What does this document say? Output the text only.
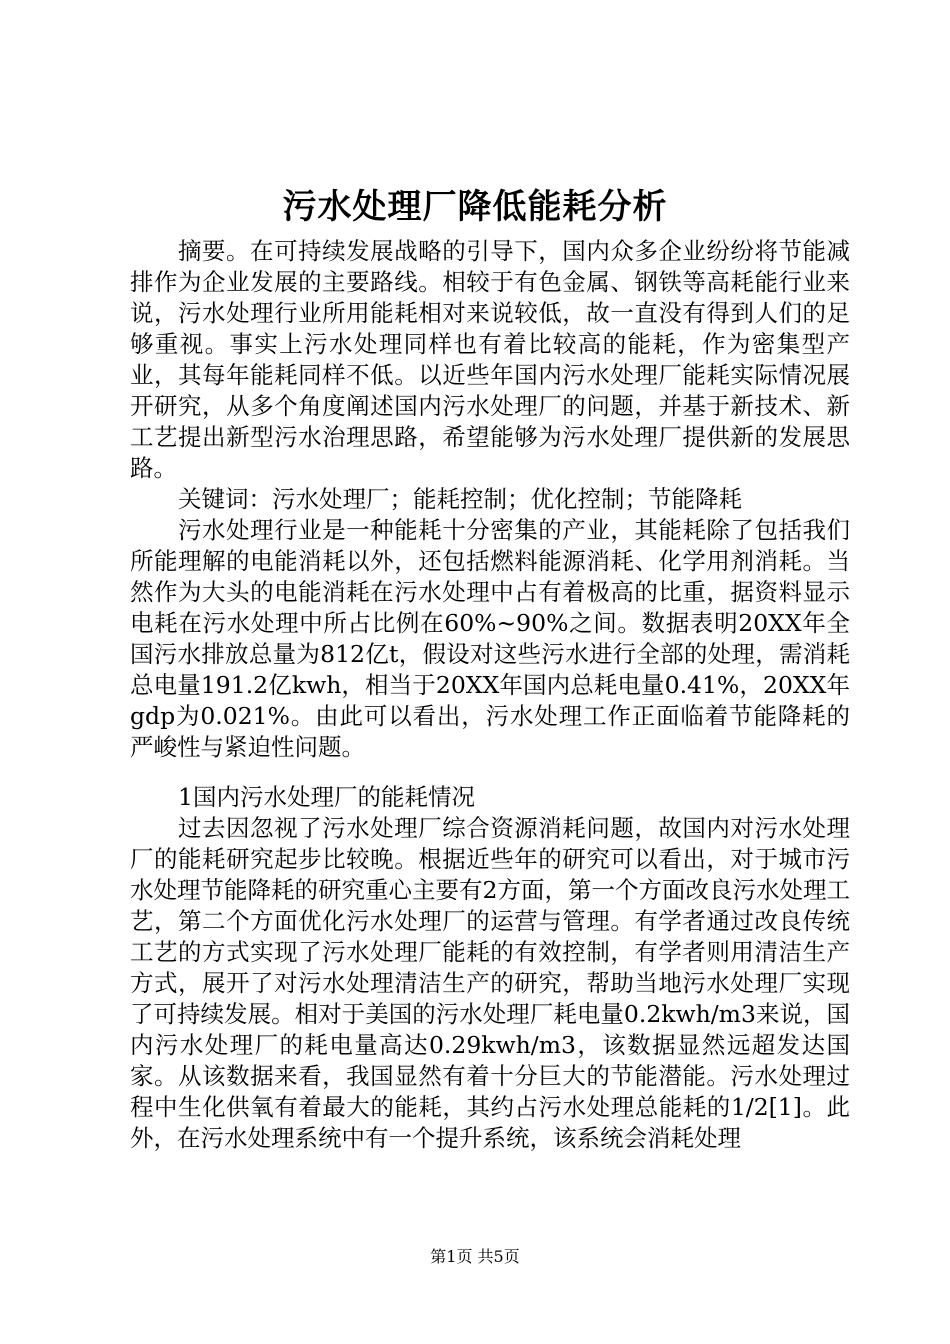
污水处理厂降低能耗分析

摘要。在可持续发展战略的引导下，国内众多企业纷纷将节能减排作为企业发展的主要路线。相较于有色金属、钢铁等高耗能行业来说，污水处理行业所用能耗相对来说较低，故一直没有得到人们的足够重视。事实上污水处理同样也有着比较高的能耗，作为密集型产业，其每年能耗同样不低。以近些年国内污水处理厂能耗实际情况展开研究，从多个角度阐述国内污水处理厂的问题，并基于新技术、新工艺提出新型污水治理思路，希望能够为污水处理厂提供新的发展思路。

关键词：污水处理厂；能耗控制；优化控制；节能降耗

污水处理行业是一种能耗十分密集的产业，其能耗除了包括我们所能理解的电能消耗以外，还包括燃料能源消耗、化学用剂消耗。当然作为大头的电能消耗在污水处理中占有着极高的比重，据资料显示电耗在污水处理中所占比例在60%~90%之间。数据表明20XX年全国污水排放总量为812亿t，假设对这些污水进行全部的处理，需消耗总电量191.2亿kwh，相当于20XX年国内总耗电量0.41%，20XX年gdp为0.021%。由此可以看出，污水处理工作正面临着节能降耗的严峻性与紧迫性问题。

1国内污水处理厂的能耗情况

过去因忽视了污水处理厂综合资源消耗问题，故国内对污水处理厂的能耗研究起步比较晚。根据近些年的研究可以看出，对于城市污水处理节能降耗的研究重心主要有2方面，第一个方面改良污水处理工艺，第二个方面优化污水处理厂的运营与管理。有学者通过改良传统工艺的方式实现了污水处理厂能耗的有效控制，有学者则用清洁生产方式，展开了对污水处理清洁生产的研究，帮助当地污水处理厂实现了可持续发展。相对于美国的污水处理厂耗电量0.2kwh/m3来说，国内污水处理厂的耗电量高达0.29kwh/m3，该数据显然远超发达国家。从该数据来看，我国显然有着十分巨大的节能潜能。污水处理过程中生化供氧有着最大的能耗，其约占污水处理总能耗的1/2[1]。此外，在污水处理系统中有一个提升系统，该系统会消耗处理

第1页 共5页
